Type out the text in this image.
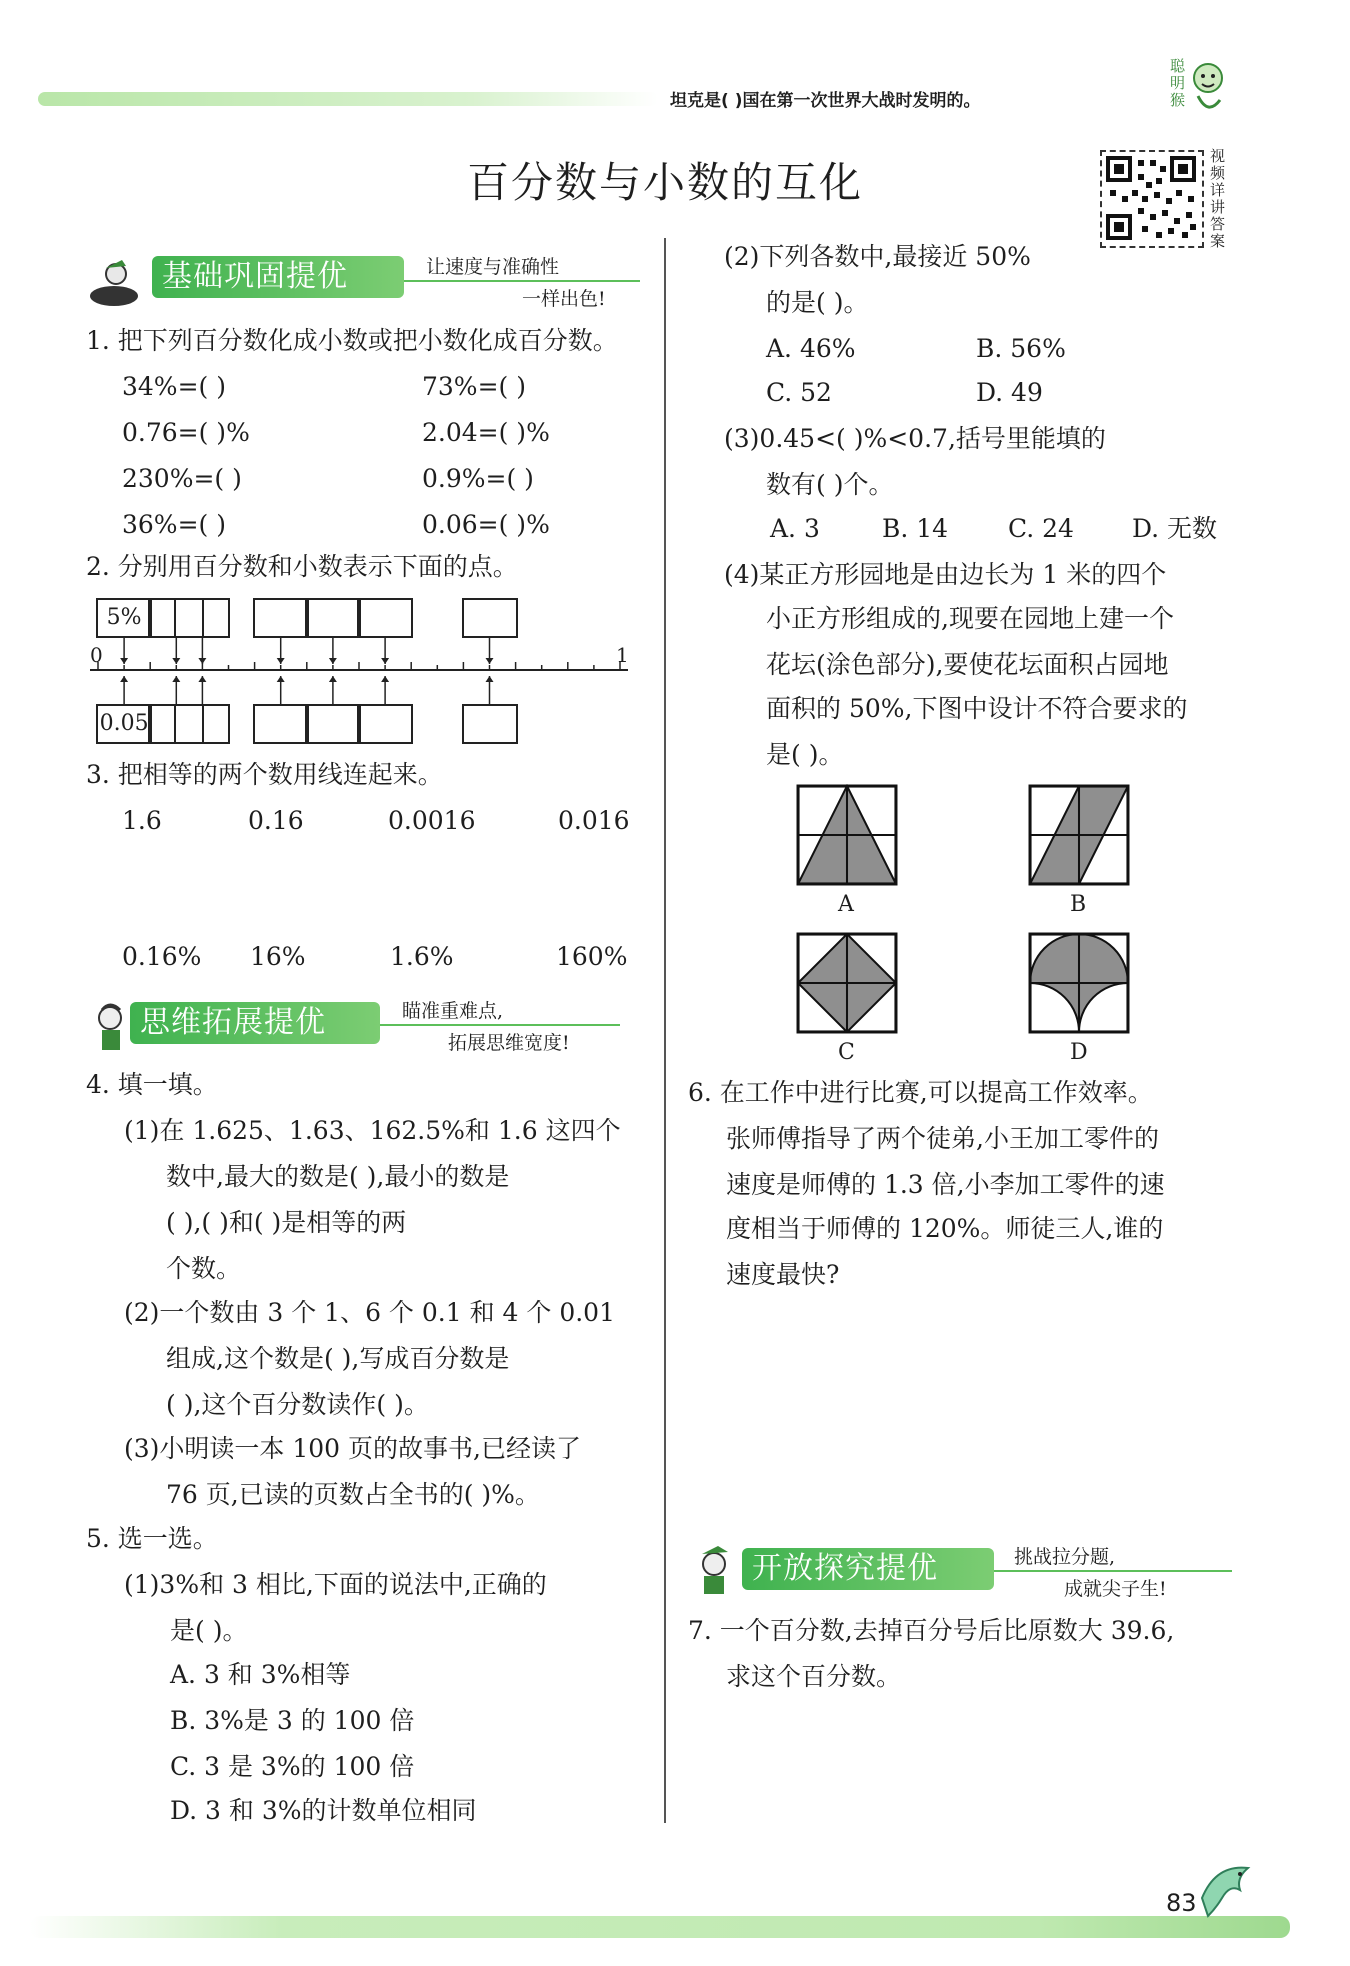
坦克是( )国在第一次世界大战时发明的。
聪明猴
百分数与小数的互化
视频详讲答案
基础巩固提优	让速度与准确性
一样出色!
1. 把下列百分数化成小数或把小数化成百分数。
34%=( )	73%=( )
0.76=( )%	2.04=( )%
230%=( )	0.9%=( )
36%=( )	0.06=( )%
2. 分别用百分数和小数表示下面的点。
0	1
5%
0.05
3. 把相等的两个数用线连起来。
1.6	0.16	0.0016	0.016
0.16% 16%	1.6%	160%
思维拓展提优	瞄准重难点,
拓展思维宽度!
4. 填一填。
(1)在 1.625、1.63、162.5%和 1.6 这四个
数中,最大的数是( ),最小的数是
( ),( )和( )是相等的两
个数。
(2)一个数由 3 个 1、6 个 0.1 和 4 个 0.01
组成,这个数是( ),写成百分数是
( ),这个百分数读作( )。
(3)小明读一本 100 页的故事书,已经读了
76 页,已读的页数占全书的( )%。
5. 选一选。
(1)3%和 3 相比,下面的说法中,正确的
是( )。
A. 3 和 3%相等
B. 3%是 3 的 100 倍
C. 3 是 3%的 100 倍
D. 3 和 3%的计数单位相同
(2)下列各数中,最接近 50%
的是( )。
A. 46%	B. 56%
C. 52	D. 49
(3)0.45<( )%<0.7,括号里能填的
数有( )个。
A. 3 B. 14 C. 24 D. 无数
(4)某正方形园地是由边长为 1 米的四个
小正方形组成的,现要在园地上建一个
花坛(涂色部分),要使花坛面积占园地
面积的 50%,下图中设计不符合要求的
是( )。
A	B
C	D
6. 在工作中进行比赛,可以提高工作效率。
张师傅指导了两个徒弟,小王加工零件的
速度是师傅的 1.3 倍,小李加工零件的速
度相当于师傅的 120%。师徒三人,谁的
速度最快?
开放探究提优	挑战拉分题,
成就尖子生!
7. 一个百分数,去掉百分号后比原数大 39.6,
求这个百分数。
83
